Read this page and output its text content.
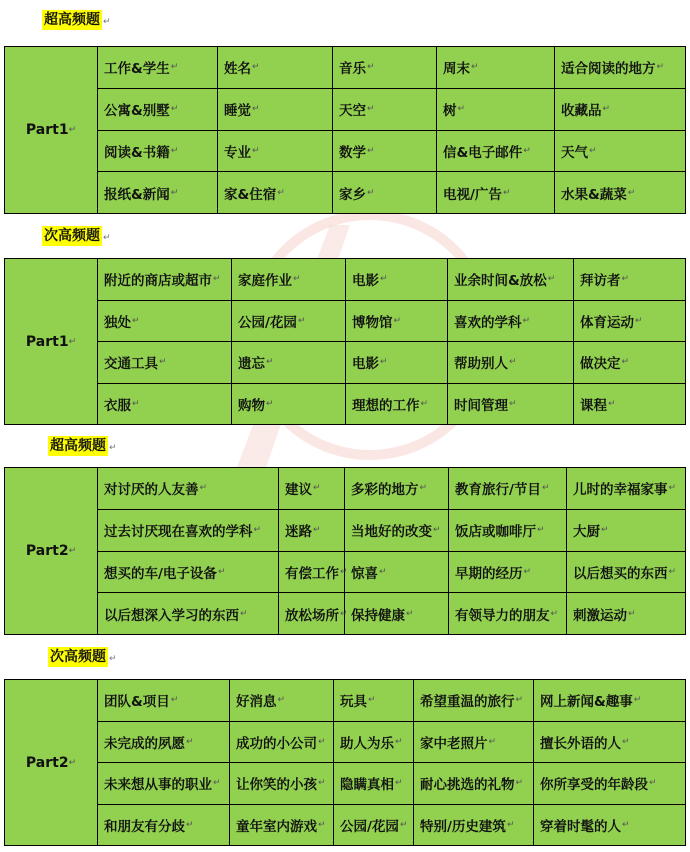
超高频题 ↵
Part1 ↵
工作&学生 ↵	姓名 ↵	音乐 ↵	周末 ↵	适合阅读的地方 ↵
公寓&别墅 ↵	睡觉 ↵	天空 ↵	树 ↵	收藏品 ↵
阅读&书籍 ↵	专业 ↵	数学 ↵	信&电子邮件 ↵ 天气 ↵
报纸&新闻 ↵	家&住宿 ↵	家乡 ↵	电视/广告 ↵	水果&蔬菜 ↵
次高频题 ↵
Part1 ↵
附近的商店或超市 ↵ 家庭作业 ↵	电影 ↵	业余时间&放松 ↵ 拜访者 ↵
独处 ↵	公园/花园 ↵	博物馆 ↵	喜欢的学科 ↵	体育运动 ↵
交通工具 ↵	遗忘 ↵	电影 ↵	帮助别人 ↵	做决定 ↵
衣服 ↵	购物 ↵	理想的工作 ↵ 时间管理 ↵	课程 ↵
超高频题 ↵
Part2 ↵
对讨厌的人友善 ↵	建议 ↵ 多彩的地方 ↵ 教育旅行/节目 ↵ 儿时的幸福家事 ↵
过去讨厌现在喜欢的学科 ↵ 迷路 ↵ 当地好的改变 ↵ 饭店或咖啡厅 ↵ 大厨 ↵
想买的车/电子设备 ↵	有偿工作 ↵ 惊喜 ↵	早期的经历 ↵	以后想买的东西 ↵
以后想深入学习的东西 ↵	放松场所 ↵ 保持健康 ↵	有领导力的朋友 ↵ 刺激运动 ↵
次高频题 ↵
Part2 ↵
团队&项目 ↵	好消息 ↵	玩具 ↵	希望重温的旅行 ↵ 网上新闻&趣事 ↵
未完成的夙愿 ↵	成功的小公司 ↵ 助人为乐 ↵ 家中老照片 ↵	擅长外语的人 ↵
未来想从事的职业 ↵ 让你笑的小孩 ↵ 隐瞒真相 ↵ 耐心挑选的礼物 ↵ 你所享受的年龄段 ↵
和朋友有分歧 ↵	童年室内游戏 ↵ 公园/花园 ↵ 特别/历史建筑 ↵ 穿着时髦的人 ↵
